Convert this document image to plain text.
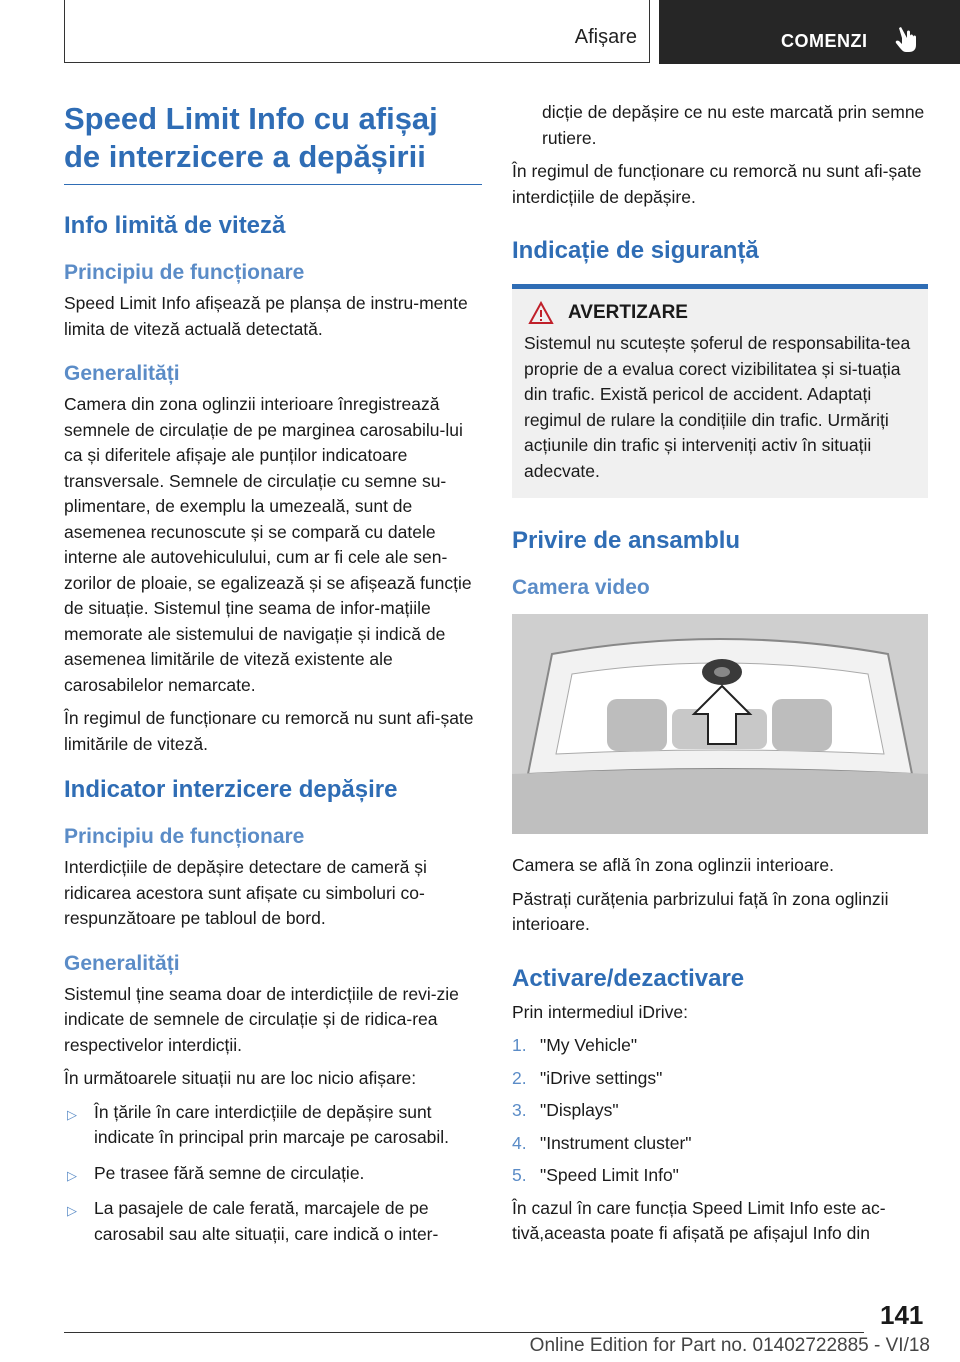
Afișare	COMENZI
Speed Limit Info cu afișaj de interzicere a depășirii
Info limită de viteză
Principiu de funcționare

Speed Limit Info afișează pe planșa de instru-mente limita de viteză actuală detectată.

Generalități

Camera din zona oglinzii interioare înregistrează semnele de circulație de pe marginea carosabilu-lui ca și diferitele afișaje ale punților indicatoare transversale. Semnele de circulație cu semne su-plimentare, de exemplu la umezeală, sunt de asemenea recunoscute și se compară cu datele interne ale autovehiculului, cum ar fi cele ale sen-zorilor de ploaie, se egalizează și se afișează funcție de situație. Sistemul ține seama de infor-mațiile memorate ale sistemului de navigație și indică de asemenea limitările de viteză existente ale carosabilelor nemarcate.

În regimul de funcționare cu remorcă nu sunt afi-șate limitările de viteză.

Indicator interzicere depășire
Principiu de funcționare

Interdicțiile de depășire detectare de cameră și ridicarea acestora sunt afișate cu simboluri co-respunzătoare pe tabloul de bord.

Generalități

Sistemul ține seama doar de interdicțiile de revi-zie indicate de semnele de circulație și de ridica-rea respectivelor interdicții.

În următoarele situații nu are loc nicio afișare:

▷ În țările în care interdicțiile de depășire sunt indicate în principal prin marcaje pe carosabil.
▷ Pe trasee fără semne de circulație.
▷ La pasajele de cale ferată, marcajele de pe carosabil sau alte situații, care indică o inter-

dicție de depășire ce nu este marcată prin semne rutiere.

În regimul de funcționare cu remorcă nu sunt afi-șate interdicțiile de depășire.

Indicație de siguranță
AVERTIZARE

Sistemul nu scutește șoferul de responsabilita-tea proprie de a evalua corect vizibilitatea și si-tuația din trafic. Există pericol de accident. Adaptați regimul de rulare la condițiile din trafic. Urmăriți acțiunile din trafic și interveniți activ în situații adecvate.

Privire de ansamblu
Camera video

Camera se află în zona oglinzii interioare.

Păstrați curățenia parbrizului față în zona oglinzii interioare.

Activare/dezactivare

Prin intermediul iDrive:

1. "My Vehicle"
2. "iDrive settings"
3. "Displays"
4. "Instrument cluster"
5. "Speed Limit Info"

În cazul în care funcția Speed Limit Info este ac-tivă,aceasta poate fi afișată pe afișajul Info din

141
Online Edition for Part no. 01402722885 - VI/18
